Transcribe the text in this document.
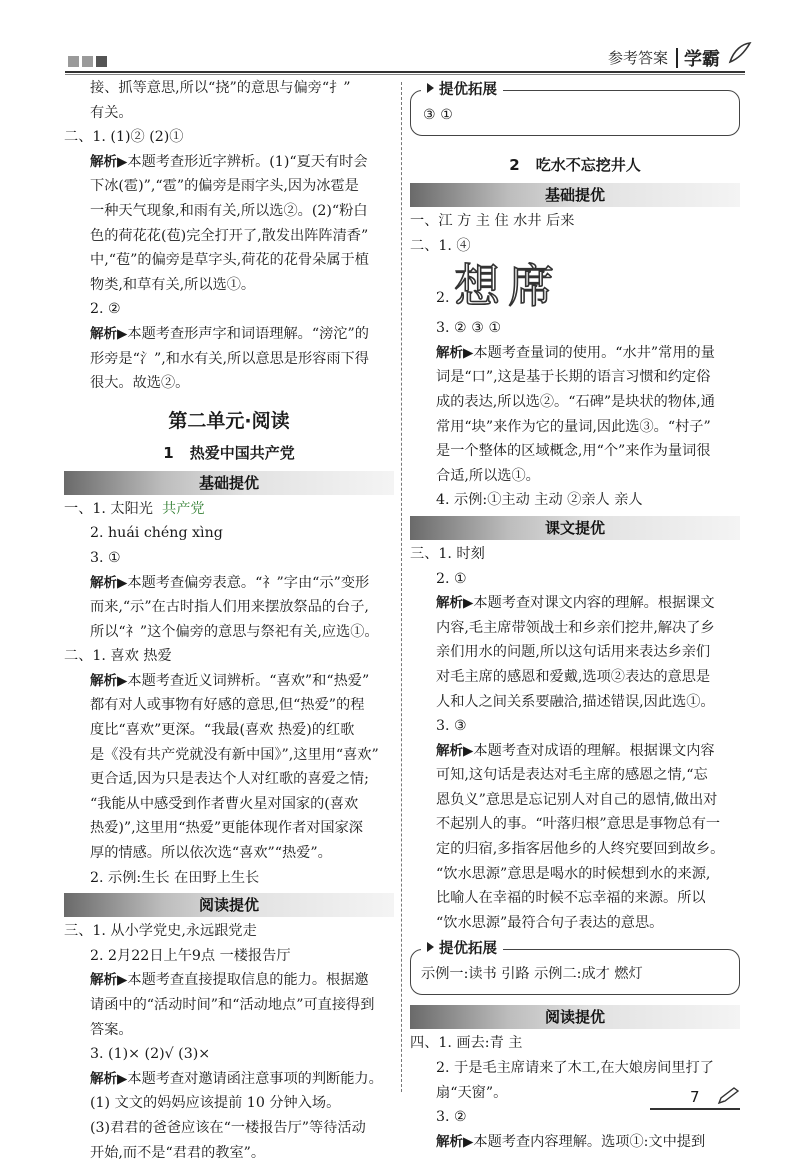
参考答案 学霸
接、抓等意思,所以“挠”的意思与偏旁“扌”
有关。
二、1. (1)② (2)①
解析▶本题考查形近字辨析。(1)“夏天有时会
下冰(雹)”,“雹”的偏旁是雨字头,因为冰雹是
一种天气现象,和雨有关,所以选②。(2)“粉白
色的荷花花(苞)完全打开了,散发出阵阵清香”
中,“苞”的偏旁是草字头,荷花的花骨朵属于植
物类,和草有关,所以选①。
2. ②
解析▶本题考查形声字和词语理解。“滂沱”的
形旁是“氵”,和水有关,所以意思是形容雨下得
很大。故选②。
第二单元·阅读
1 热爱中国共产党
基础提优
一、1. 太阳光 共产党
2. huái chéng xìng
3. ①
解析▶本题考查偏旁表意。“礻”字由“示”变形
而来,“示”在古时指人们用来摆放祭品的台子,
所以“礻”这个偏旁的意思与祭祀有关,应选①。
二、1. 喜欢 热爱
解析▶本题考查近义词辨析。“喜欢”和“热爱”
都有对人或事物有好感的意思,但“热爱”的程
度比“喜欢”更深。“我最(喜欢 热爱)的红歌
是《没有共产党就没有新中国》”,这里用“喜欢”
更合适,因为只是表达个人对红歌的喜爱之情;
“我能从中感受到作者曹火星对国家的(喜欢
热爱)”,这里用“热爱”更能体现作者对国家深
厚的情感。所以依次选“喜欢”“热爱”。
2. 示例:生长 在田野上生长
阅读提优
三、1. 从小学党史,永远跟党走
2. 2月22日上午9点 一楼报告厅
解析▶本题考查直接提取信息的能力。根据邀
请函中的“活动时间”和“活动地点”可直接得到
答案。
3. (1)× (2)√ (3)×
解析▶本题考查对邀请函注意事项的判断能力。
(1) 文文的妈妈应该提前 10 分钟入场。
(3)君君的爸爸应该在“一楼报告厅”等待活动
开始,而不是“君君的教室”。
提优拓展
③ ①
2 吃水不忘挖井人
基础提优
一、江 方 主 住 水井 后来
二、1. ④
2. 想席
3. ② ③ ①
解析▶本题考查量词的使用。“水井”常用的量
词是“口”,这是基于长期的语言习惯和约定俗
成的表达,所以选②。“石碑”是块状的物体,通
常用“块”来作为它的量词,因此选③。“村子”
是一个整体的区域概念,用“个”来作为量词很
合适,所以选①。
4. 示例:①主动 主动 ②亲人 亲人
课文提优
三、1. 时刻
2. ①
解析▶本题考查对课文内容的理解。根据课文
内容,毛主席带领战士和乡亲们挖井,解决了乡
亲们用水的问题,所以这句话用来表达乡亲们
对毛主席的感恩和爱戴,选项②表达的意思是
人和人之间关系要融洽,描述错误,因此选①。
3. ③
解析▶本题考查对成语的理解。根据课文内容
可知,这句话是表达对毛主席的感恩之情,“忘
恩负义”意思是忘记别人对自己的恩情,做出对
不起别人的事。“叶落归根”意思是事物总有一
定的归宿,多指客居他乡的人终究要回到故乡。
“饮水思源”意思是喝水的时候想到水的来源,
比喻人在幸福的时候不忘幸福的来源。所以
“饮水思源”最符合句子表达的意思。
提优拓展
示例一:读书 引路 示例二:成才 燃灯
阅读提优
四、1. 画去:青 主
2. 于是毛主席请来了木工,在大娘房间里打了
扇“天窗”。
3. ②
解析▶本题考查内容理解。选项①:文中提到
7
